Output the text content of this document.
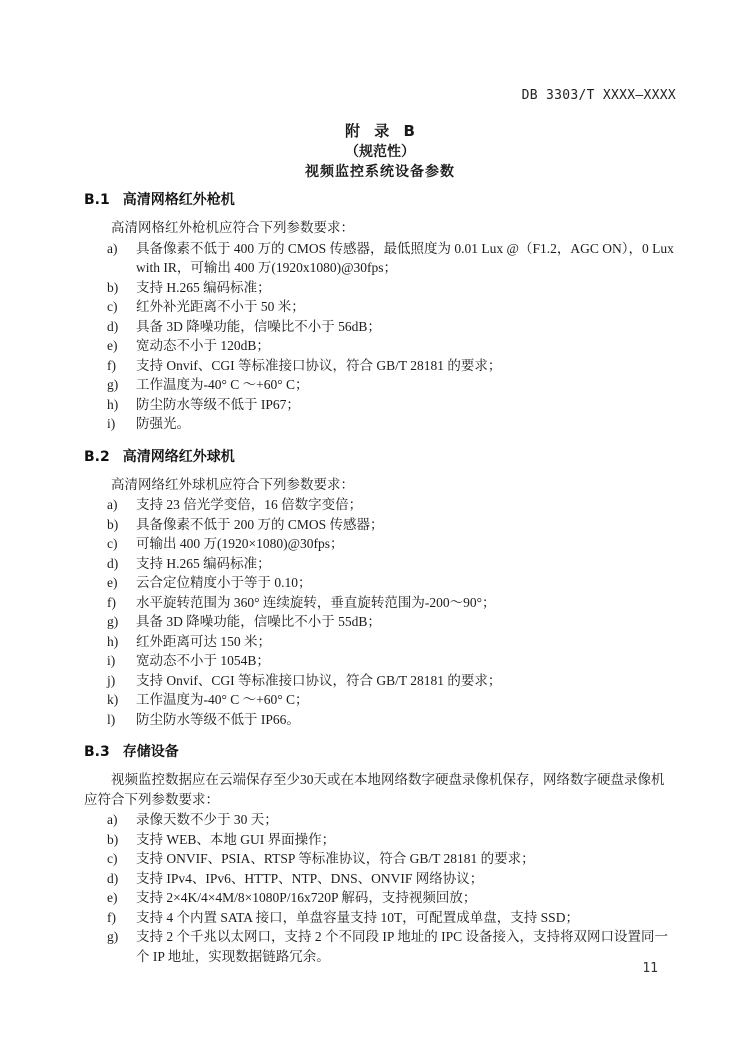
DB 3303/T XXXX—XXXX
附 录 B
（规范性）
视频监控系统设备参数
B.1 高清网格红外枪机

高清网格红外枪机应符合下列参数要求：

a)	具备像素不低于 400 万的 CMOS 传感器，最低照度为 0.01 Lux @（F1.2，AGC ON），0 Lux with IR，可输出 400 万(1920x1080)@30fps；
b)	支持 H.265 编码标准；
c)	红外补光距离不小于 50 米；
d)	具备 3D 降噪功能，信噪比不小于 56dB；
e)	宽动态不小于 120dB；
f)	支持 Onvif、CGI 等标准接口协议，符合 GB/T 28181 的要求；
g)	工作温度为-40° C ～+60° C；
h)	防尘防水等级不低于 IP67；
i)	防强光。
B.2 高清网络红外球机

高清网络红外球机应符合下列参数要求：

a)	支持 23 倍光学变倍，16 倍数字变倍；
b)	具备像素不低于 200 万的 CMOS 传感器；
c)	可输出 400 万(1920×1080)@30fps；
d)	支持 H.265 编码标准；
e)	云合定位精度小于等于 0.10；
f)	水平旋转范围为 360° 连续旋转，垂直旋转范围为-200～90°；
g)	具备 3D 降噪功能，信噪比不小于 55dB；
h)	红外距离可达 150 米；
i)	宽动态不小于 1054B；
j)	支持 Onvif、CGI 等标准接口协议，符合 GB/T 28181 的要求；
k)	工作温度为-40° C ～+60° C；
l)	防尘防水等级不低于 IP66。
B.3 存储设备

视频监控数据应在云端保存至少30天或在本地网络数字硬盘录像机保存，网络数字硬盘录像机应符合下列参数要求：

a)	录像天数不少于 30 天；
b)	支持 WEB、本地 GUI 界面操作；
c)	支持 ONVIF、PSIA、RTSP 等标准协议，符合 GB/T 28181 的要求；
d)	支持 IPv4、IPv6、HTTP、NTP、DNS、ONVIF 网络协议；
e)	支持 2×4K/4×4M/8×1080P/16x720P 解码，支持视频回放；
f)	支持 4 个内置 SATA 接口，单盘容量支持 10T，可配置成单盘，支持 SSD；
g)	支持 2 个千兆以太网口，支持 2 个不同段 IP 地址的 IPC 设备接入，支持将双网口设置同一个 IP 地址，实现数据链路冗余。
11
